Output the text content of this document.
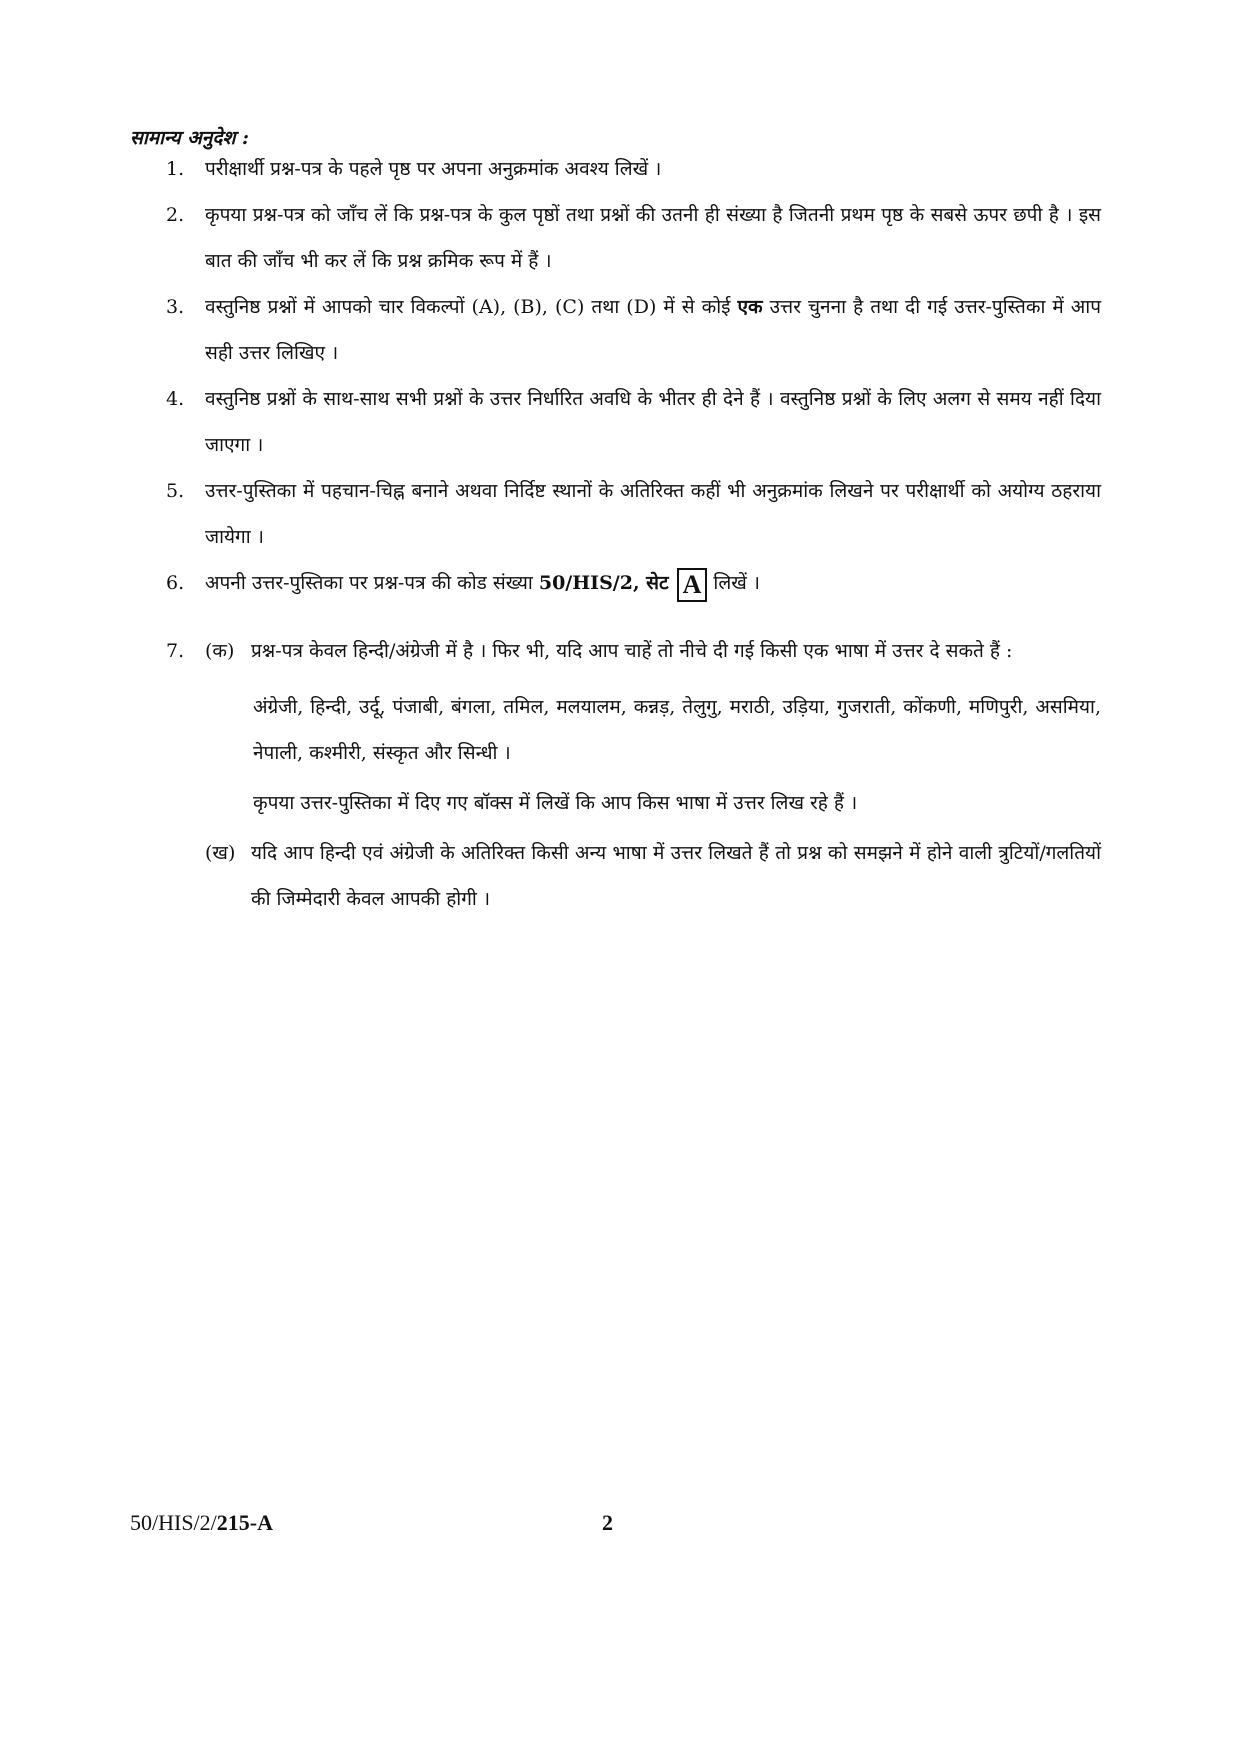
सामान्य अनुदेश :
1.	परीक्षार्थी प्रश्न-पत्र के पहले पृष्ठ पर अपना अनुक्रमांक अवश्य लिखें ।
2.	कृपया प्रश्न-पत्र को जाँच लें कि प्रश्न-पत्र के कुल पृष्ठों तथा प्रश्नों की उतनी ही संख्या है जितनी प्रथम पृष्ठ के सबसे ऊपर छपी है । इस बात की जाँच भी कर लें कि प्रश्न क्रमिक रूप में हैं ।
3.	वस्तुनिष्ठ प्रश्नों में आपको चार विकल्पों (A), (B), (C) तथा (D) में से कोई एक उत्तर चुनना है तथा दी गई उत्तर-पुस्तिका में आप सही उत्तर लिखिए ।
4.	वस्तुनिष्ठ प्रश्नों के साथ-साथ सभी प्रश्नों के उत्तर निर्धारित अवधि के भीतर ही देने हैं । वस्तुनिष्ठ प्रश्नों के लिए अलग से समय नहीं दिया जाएगा ।
5.	उत्तर-पुस्तिका में पहचान-चिह्न बनाने अथवा निर्दिष्ट स्थानों के अतिरिक्त कहीं भी अनुक्रमांक लिखने पर परीक्षार्थी को अयोग्य ठहराया जायेगा ।
6.	अपनी उत्तर-पुस्तिका पर प्रश्न-पत्र की कोड संख्या 50/HIS/2, सेट A लिखें ।
7.	(क) प्रश्न-पत्र केवल हिन्दी/अंग्रेजी में है । फिर भी, यदि आप चाहें तो नीचे दी गई किसी एक भाषा में उत्तर दे सकते हैं :
अंग्रेजी, हिन्दी, उर्दू, पंजाबी, बंगला, तमिल, मलयालम, कन्नड़, तेलुगु, मराठी, उड़िया, गुजराती, कोंकणी, मणिपुरी, असमिया, नेपाली, कश्मीरी, संस्कृत और सिन्धी ।
कृपया उत्तर-पुस्तिका में दिए गए बॉक्स में लिखें कि आप किस भाषा में उत्तर लिख रहे हैं ।
(ख) यदि आप हिन्दी एवं अंग्रेजी के अतिरिक्त किसी अन्य भाषा में उत्तर लिखते हैं तो प्रश्न को समझने में होने वाली त्रुटियों/गलतियों की जिम्मेदारी केवल आपकी होगी ।
50/HIS/2/215-A	2
